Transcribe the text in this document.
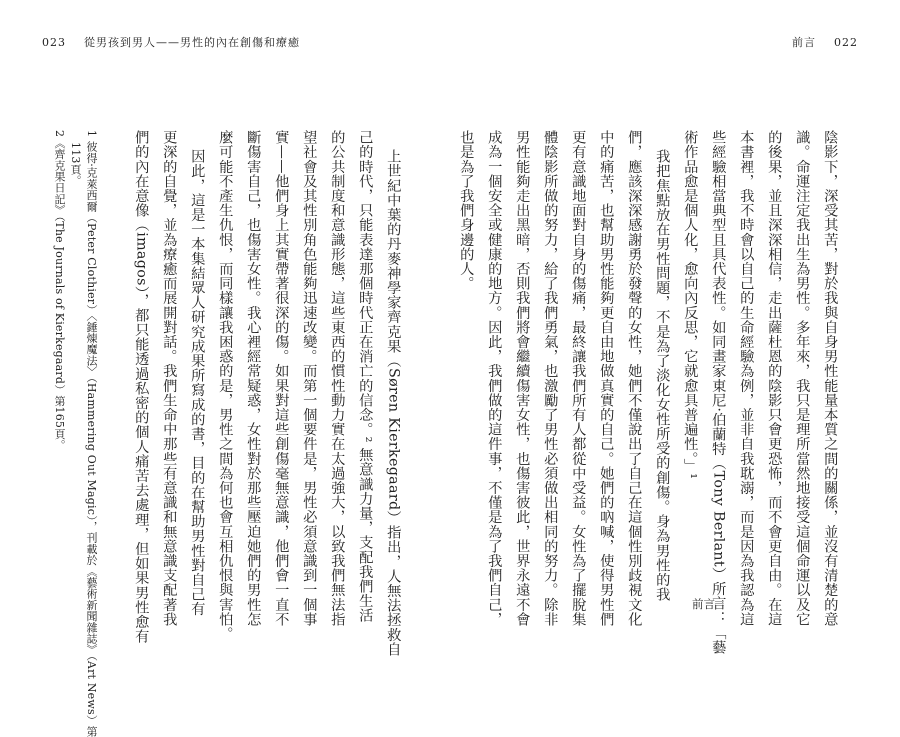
023 從男孩到男人——男性的內在創傷和療癒	前言 022
上世紀中葉的丹麥神學家齊克果（Søren Kierkegaard）指出，人無法拯救自
己的時代，只能表達那個時代正在消亡的信念。² 無意識力量，支配我們生活
的公共制度和意識形態，這些東西的慣性動力實在太過強大，以致我們無法指
望社會及其性別角色能夠迅速改變。而第一個要件是，男性必須意識到一個事
實——他們身上其實帶著很深的傷。如果對這些創傷毫無意識，他們會一直不
斷傷害自己，也傷害女性。我心裡經常疑惑，女性對於那些壓迫她們的男性怎
麼可能不產生仇恨，而同樣讓我困惑的是，男性之間為何也會互相仇恨與害怕。
因此，這是一本集結眾人研究成果所寫成的書，目的在幫助男性對自己有
更深的自覺，並為療癒而展開對話。我們生命中那些有意識和無意識支配著我
們的內在意像（imagos），都只能透過私密的個人痛苦去處理，但如果男性愈有
1 彼得·克萊西爾（Peter Clothier）〈錘煉魔法〉（Hammering Out Magic），刊載於《藝術新聞雜誌》（Art News）第
113頁。
2《齊克果日記》（The Journals of Kierkegaard）第165頁。	陰影下，深受其苦，對於我與自身男性能量本質之間的關係，並沒有清楚的意
識。命運注定我出生為男性。多年來，我只是理所當然地接受這個命運以及它
的後果，並且深深相信，走出薩杜恩的陰影只會更恐怖，而不會更自由。在這
本書裡，我不時會以自己的生命經驗為例，並非自我耽溺，而是因為我認為這
些經驗相當典型且具代表性。如同畫家東尼·伯蘭特（Tony Berlant）所言：「藝
術作品愈是個人化，愈向內反思，它就愈具普遍性。」¹
我把焦點放在男性問題，不是為了淡化女性所受的創傷。身為男性的我
們，應該深深感謝勇於發聲的女性，她們不僅說出了自己在這個性別歧視文化
中的痛苦，也幫助男性能夠更自由地做真實的自己。她們的吶喊，使得男性們
更有意識地面對自身的傷痛，最終讓我們所有人都從中受益。女性為了擺脫集
體陰影所做的努力，給了我們勇氣，也激勵了男性必須做出相同的努力。除非
男性能夠走出黑暗，否則我們將會繼續傷害女性，也傷害彼此，世界永遠不會
成為一個安全或健康的地方。因此，我們做的這件事，不僅是為了我們自己，
也是為了我們身邊的人。
前言
